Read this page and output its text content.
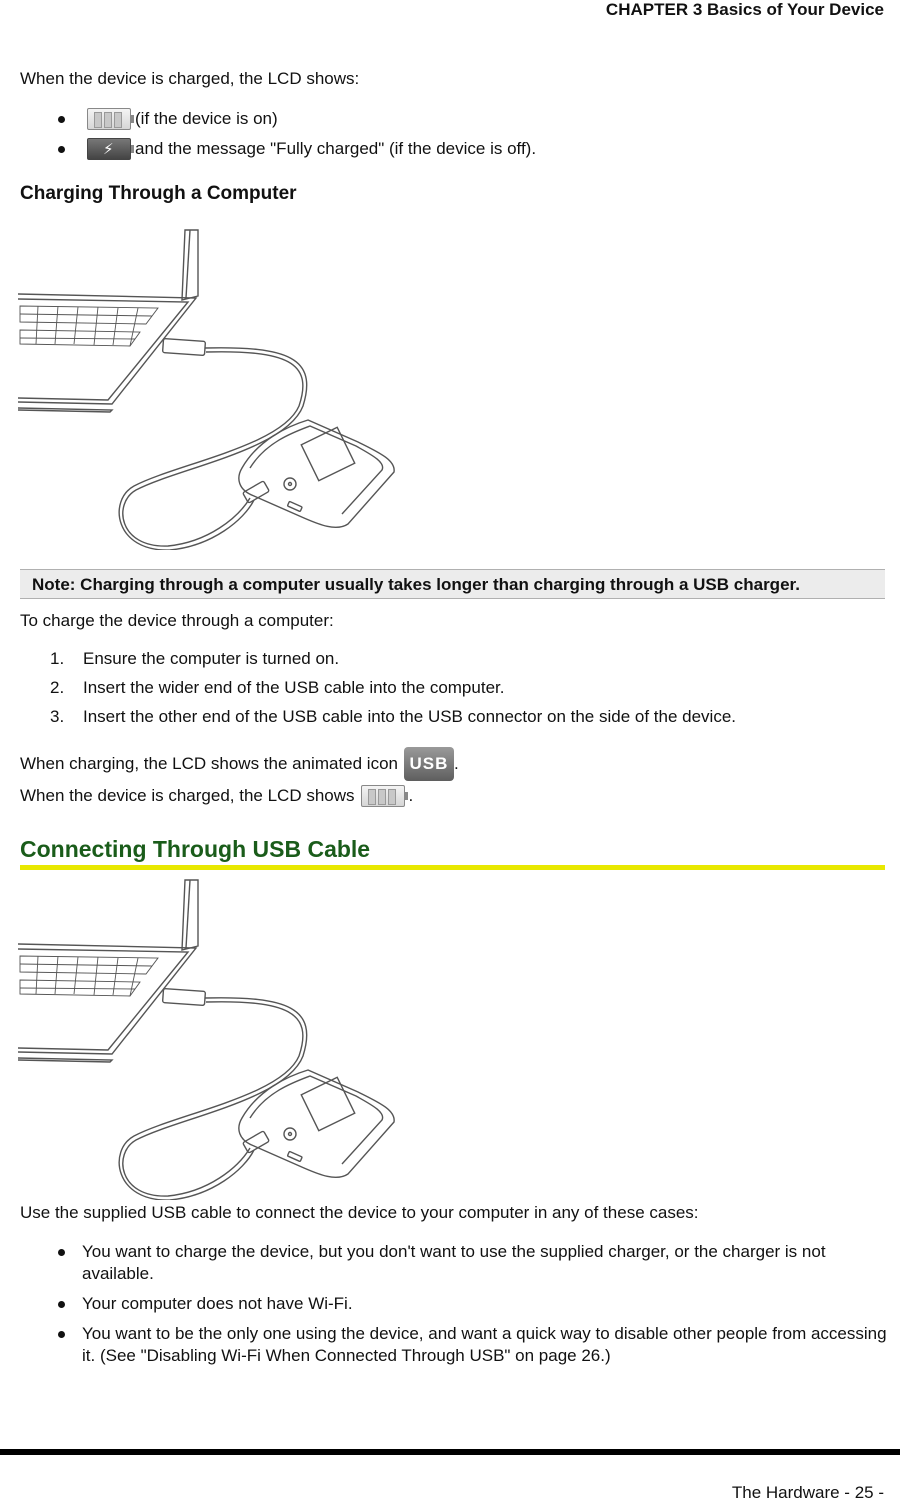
CHAPTER 3 Basics of Your Device
When the device is charged, the LCD shows:
(if the device is on)
⚡ and the message "Fully charged" (if the device is off).
Charging Through a Computer
Note: Charging through a computer usually takes longer than charging through a USB charger.
To charge the device through a computer:
1.	Ensure the computer is turned on.
2.	Insert the wider end of the USB cable into the computer.
3.	Insert the other end of the USB cable into the USB connector on the side of the device.
When charging, the LCD shows the animated icon USB .
When the device is charged, the LCD shows	.
Connecting Through USB Cable
Use the supplied USB cable to connect the device to your computer in any of these cases:
You want to charge the device, but you don't want to use the supplied charger, or the charger is not available.
Your computer does not have Wi-Fi.
You want to be the only one using the device, and want a quick way to disable other people from accessing it. (See "Disabling Wi-Fi When Connected Through USB" on page 26.)
The Hardware - 25 -
